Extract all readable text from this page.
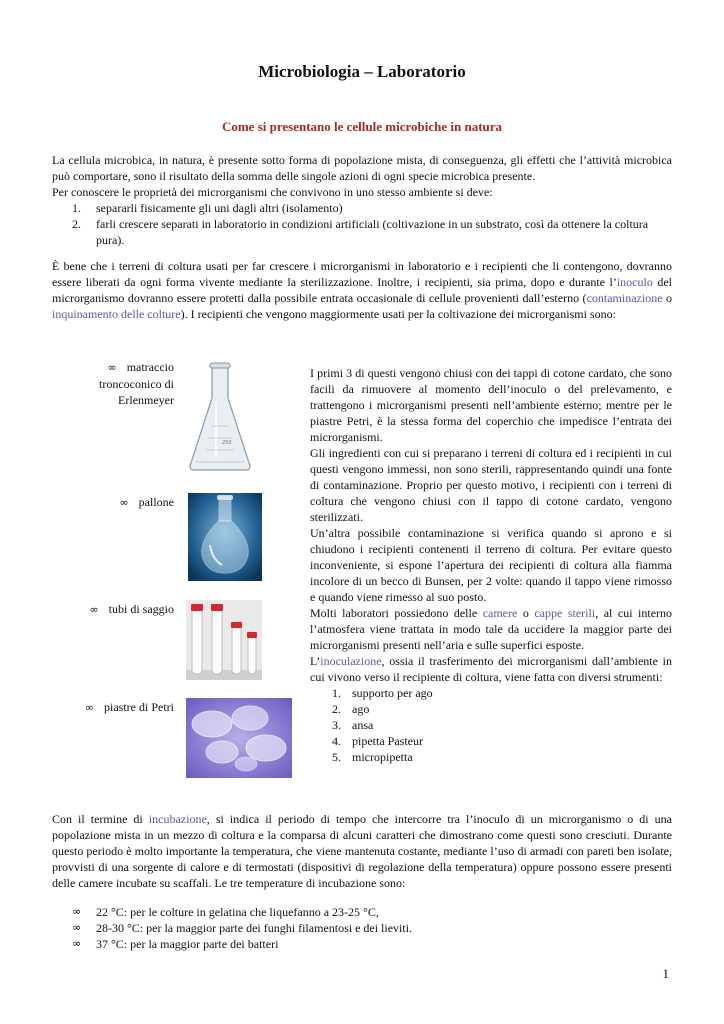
Microbiologia – Laboratorio
Come si presentano le cellule microbiche in natura

La cellula microbica, in natura, è presente sotto forma di popolazione mista, di conseguenza, gli effetti che l’attività microbica può comportare, sono il risultato della somma delle singole azioni di ogni specie microbica presente.

Per conoscere le proprietà dei microrganismi che convivono in uno stesso ambiente si deve:

1. separarli fisicamente gli uni dagli altri (isolamento)
2. farli crescere separati in laboratorio in condizioni artificiali (coltivazione in un substrato, così da ottenere la coltura pura).

È bene che i terreni di coltura usati per far crescere i microrganismi in laboratorio e i recipienti che li contengono, dovranno essere liberati da ogni forma vivente mediante la sterilizzazione. Inoltre, i recipienti, sia prima, dopo e durante l’inoculo del microrganismo dovranno essere protetti dalla possibile entrata occasionale di cellule provenienti dall’esterno (contaminazione o inquinamento delle colture). I recipienti che vengono maggiormente usati per la coltivazione dei microrganismi sono:

∞ matraccio troncoconico di Erlenmeyer
∞ pallone
∞ tubi di saggio
∞ piastre di Petri
250

I primi 3 di questi vengono chiusi con dei tappi di cotone cardato, che sono facili da rimuovere al momento dell’inoculo o del prelevamento, e trattengono i microrganismi presenti nell’ambiente esterno; mentre per le piastre Petri, è la stessa forma del coperchio che impedisce l’entrata dei microrganismi.

Gli ingredienti con cui si preparano i terreni di coltura ed i recipienti in cui questi vengono immessi, non sono sterili, rappresentando quindi una fonte di contaminazione. Proprio per questo motivo, i recipienti con i terreni di coltura che vengono chiusi con il tappo di cotone cardato, vengono sterilizzati.

Un’altra possibile contaminazione si verifica quando si aprono e si chiudono i recipienti contenenti il terreno di coltura. Per evitare questo inconveniente, si espone l’apertura dei recipienti di coltura alla fiamma incolore di un becco di Bunsen, per 2 volte: quando il tappo viene rimosso e quando viene rimesso al suo posto.

Molti laboratori possiedono delle camere o cappe sterili, al cui interno l’atmosfera viene trattata in modo tale da uccidere la maggior parte dei microrganismi presenti nell’aria e sulle superfici esposte.

L’inoculazione, ossia il trasferimento dei microrganismi dall’ambiente in cui vivono verso il recipiente di coltura, viene fatta con diversi strumenti:

1. supporto per ago
2. ago
3. ansa
4. pipetta Pasteur
5. micropipetta

Con il termine di incubazione, si indica il periodo di tempo che intercorre tra l’inoculo di un microrganismo o di una popolazione mista in un mezzo di coltura e la comparsa di alcuni caratteri che dimostrano come questi sono cresciuti. Durante questo periodo è molto importante la temperatura, che viene mantenuta costante, mediante l’uso di armadi con pareti ben isolate, provvisti di una sorgente di calore e di termostati (dispositivi di regolazione della temperatura) oppure possono essere presenti delle camere incubate su scaffali. Le tre temperature di incubazione sono:

∞ 22 °C: per le colture in gelatina che liquefanno a 23-25 °C,
∞ 28-30 °C: per la maggior parte dei funghi filamentosi e dei lieviti.
∞ 37 °C: per la maggior parte dei batteri
1
